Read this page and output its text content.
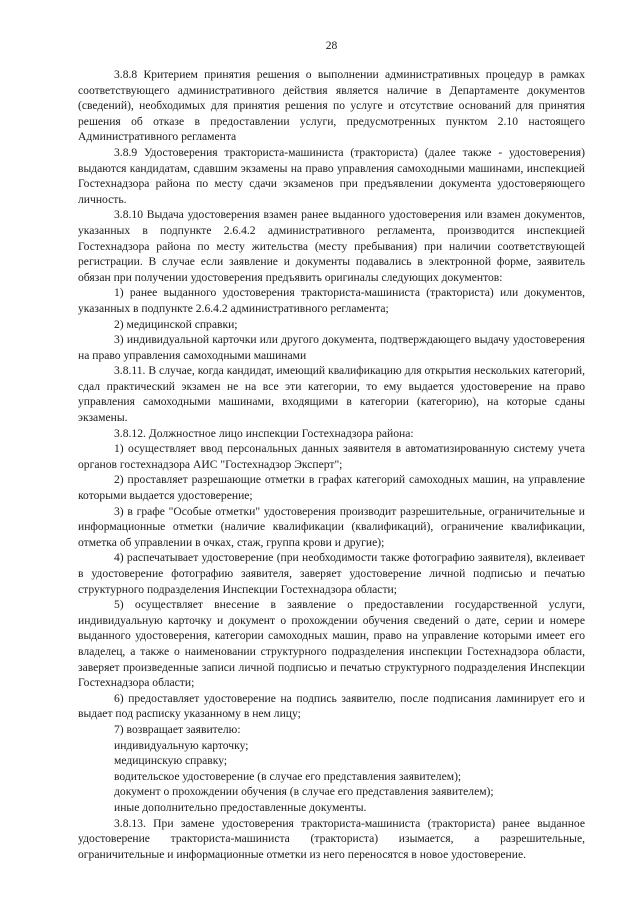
28

3.8.8 Критерием принятия решения о выполнении административных процедур в рамках соответствующего административного действия является наличие в Департаменте документов (сведений), необходимых для принятия решения по услуге и отсутствие оснований для принятия решения об отказе в предоставлении услуги, предусмотренных пунктом 2.10 настоящего Административного регламента

3.8.9 Удостоверения тракториста-машиниста (тракториста) (далее также - удостоверения) выдаются кандидатам, сдавшим экзамены на право управления самоходными машинами, инспекцией Гостехнадзора района по месту сдачи экзаменов при предъявлении документа удостоверяющего личность.

3.8.10 Выдача удостоверения взамен ранее выданного удостоверения или взамен документов, указанных в подпункте 2.6.4.2 административного регламента, производится инспекцией Гостехнадзора района по месту жительства (месту пребывания) при наличии соответствующей регистрации. В случае если заявление и документы подавались в электронной форме, заявитель обязан при получении удостоверения предъявить оригиналы следующих документов:

1) ранее выданного удостоверения тракториста-машиниста (тракториста) или документов, указанных в подпункте 2.6.4.2 административного регламента;

2) медицинской справки;

3) индивидуальной карточки или другого документа, подтверждающего выдачу удостоверения на право управления самоходными машинами

3.8.11. В случае, когда кандидат, имеющий квалификацию для открытия нескольких категорий, сдал практический экзамен не на все эти категории, то ему выдается удостоверение на право управления самоходными машинами, входящими в категории (категорию), на которые сданы экзамены.

3.8.12. Должностное лицо инспекции Гостехнадзора района:

1) осуществляет ввод персональных данных заявителя в автоматизированную систему учета органов гостехнадзора АИС "Гостехнадзор Эксперт";

2) проставляет разрешающие отметки в графах категорий самоходных машин, на управление которыми выдается удостоверение;

3) в графе "Особые отметки" удостоверения производит разрешительные, ограничительные и информационные отметки (наличие квалификации (квалификаций), ограничение квалификации, отметка об управлении в очках, стаж, группа крови и другие);

4) распечатывает удостоверение (при необходимости также фотографию заявителя), вклеивает в удостоверение фотографию заявителя, заверяет удостоверение личной подписью и печатью структурного подразделения Инспекции Гостехнадзора области;

5) осуществляет внесение в заявление о предоставлении государственной услуги, индивидуальную карточку и документ о прохождении обучения сведений о дате, серии и номере выданного удостоверения, категории самоходных машин, право на управление которыми имеет его владелец, а также о наименовании структурного подразделения инспекции Гостехнадзора области, заверяет произведенные записи личной подписью и печатью структурного подразделения Инспекции Гостехнадзора области;

6) предоставляет удостоверение на подпись заявителю, после подписания ламинирует его и выдает под расписку указанному в нем лицу;

7) возвращает заявителю:

индивидуальную карточку;

медицинскую справку;

водительское удостоверение (в случае его представления заявителем);

документ о прохождении обучения (в случае его представления заявителем);

иные дополнительно предоставленные документы.

3.8.13. При замене удостоверения тракториста-машиниста (тракториста) ранее выданное удостоверение тракториста-машиниста (тракториста) изымается, а разрешительные, ограничительные и информационные отметки из него переносятся в новое удостоверение.
